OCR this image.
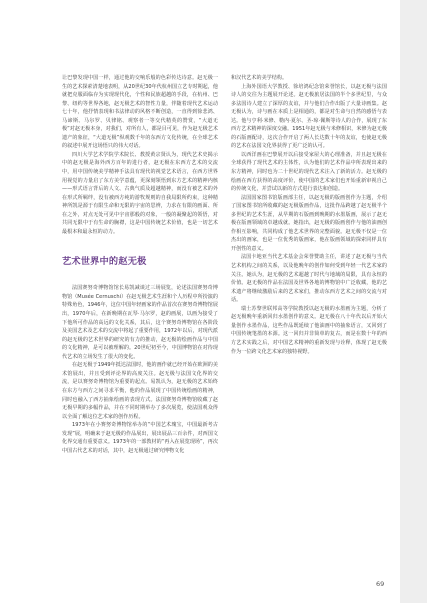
让巴黎发现中国一样，通过他的交响乐般的色彩传达诗意。赵无极一生的艺术探索清楚地表明，从20世纪30年代杭州国立艺专时期起，他就把克服面临存为实现现代化，个性和民族超越的手段，在杭州、巴黎、纽约等世界各地，赵无极艺术的智性力量，伴随着现代艺术运动七十年，他抒情表现和书法律动的风格不断创造，一直得到徐悲鸿、马谛斯、马尔罗、贝律铭、观察者一等交代精英的赞赏，“大道无极”对赵无极本身，对我们，对所有人，都是目可见，作为赵无极艺术遗产的象征，“大道无极”纵观数千年的东西方文化传统，在全球艺术的叙述中展开这场悟只的伟大对话。

四川大学艺术学院学术院长、教授黄宗贤认为，现代艺术史揭示中的赵无极是海外西方百年的进行者，赵无极在东西方艺术的交流中，用中国传统美学精神手法具有现代的视觉艺术语言，在西方世界用视觉的力量启了东方美学意蕴，更深刻领悟到东方艺术的精神内核——形式语言背后的人文、古典气质及超越精神，而没有被艺术的外在形式所羁绊，没有被西方纯的游牧规则的自我局限所约束，这种精神所凯是源于有限生命和无限的宇宙的思辨，力求在有限的画面、所在之外，对点无处可见中宇宙那般的对象，一般的凝聚起的领悟，对共同无限中于有生命的胸襟，这是中国传统艺术价值，也是一切艺术最根本和最永恒的动力。

艺术世界中的赵无极

法国赛努奇博物馆馆长易凯减谈过三场展览，论述法国赛努奇博物馆（Musée Cernuschi）在赵无极艺术生涯和个人历程中所扮演的特殊角色，1946年，这位中国年轻画家的作品首次在赛努奇博物馆展出，1970年后，在新晚期在瓦琴·马尔罗，赵的画展，以画为接受了下他所可作品的高远的文化关系，其后，这个赛努奇博物馆在各阶段及美国艺术及艺术的交流中将起了重要作用，1972年以后，对现代派的赵无极的艺术世界的研究的有力的推动，赵无极的绘画作品与中国的文化精神，是可以被理解的。20世纪初至今，中国博物馆在对待现代艺术的立场发生了很大的变化。

在赵无极于1949年抵达法国时，他的画作就已经开始在欧洲的美术馆展出，并且受到评论界的高度关注。赵无极与法国文化界的交流，是以赛努奇博物馆为重要的起点。易凯认为，赵无极的艺术始终在东方与西方之间寻求平衡，他的作品展现了中国传统绘画的精神，同时也融入了西方抽象绘画的表现方式。法国赛努奇博物馆收藏了赵无极早期的多幅作品，并在不同时期举办了多次展览，使法国观众得以全面了解这位艺术家的创作历程。

1973年在小赛努奇博物馆举办的“中国艺术瑰宝，中国最新考古发现”展，明确来于赵无极的作品展出，展出展品三百余件，对西国文化界交通有重要意义。1973年的一部教材的“再入在展览现场”，再次中国古代艺术的对话，其中，赵无极通过研究博物文化

和汉代艺术的美学结构。

上海外国语大学教授、徐培鸿纪念馆荣誉馆长，以赵无极与法国诗人的交往为主题展开论述。赵无极旅居法国的半个多世纪里，与众多法国诗人建立了深厚的友谊，并与他们合作出版了大量诗画集。赵无极认为，诗与画在本质上是相通的，都是对生命与自然的感悟与表达。他与亨利·米修、勒内·夏尔、圣-琼·佩斯等诗人的合作，展现了东西方艺术精神的深度交融。1951年赵无极与米修相识，米修为赵无极的石版画配诗，这次合作开启了两人长达数十年的友谊，也使赵无极的艺术在法国文化界获得了更广泛的认可。

以西洋画在巴黎展开以后接受家屋大的心理准备，并且赵无极在全球获得了现代艺术的主体性，认为他们的艺术作品中所表现出来的东方精神，同时也为二十世纪的现代艺术注入了新的活力。赵无极的绘画在西方获得的高度评价，使中国的艺术家们也开始重新审视自己的传统文化，并尝试以新的方式进行表达和创造。

法国国家图书馆版画部主任，以赵无极的版画创作为主题，介绍了国家图书馆所收藏的赵无极版画作品，这批作品跨越了赵无极半个多世纪的艺术生涯，从早期的石版画到晚期的水墨版画，展示了赵无极在版画领域的卓越成就。她指出，赵无极的版画创作与他的油画创作相互影响，共同构成了他艺术世界的完整面貌。赵无极不仅是一位杰出的画家，也是一位优秀的版画家，他在版画领域的探索同样具有开创性的意义。

法国卡地亚当代艺术基金会荣誉赞助主任，讲述了赵无极与当代艺术机构之间的关系，以及他晚年的创作如何受到年轻一代艺术家的关注。她认为，赵无极的艺术超越了时代与地域的局限，具有永恒的价值。赵无极的作品在法国及世界各地的博物馆中广泛收藏，他的艺术遗产将继续激励后来的艺术家们，推动东西方艺术之间的交流与对话。

瑞士苏黎世联邦高等学院教授以赵无极的水墨画为主题，分析了赵无极晚年重新回归水墨创作的意义。赵无极在八十年代以后开始大量创作水墨作品，这些作品既延续了他油画中的抽象语言，又回到了中国传统笔墨的本源。这一回归并非简单的复古，而是在数十年的西方艺术实践之后，对中国艺术精神的重新发现与诠释，体现了赵无极作为一位跨文化艺术家的独特视野。

69
